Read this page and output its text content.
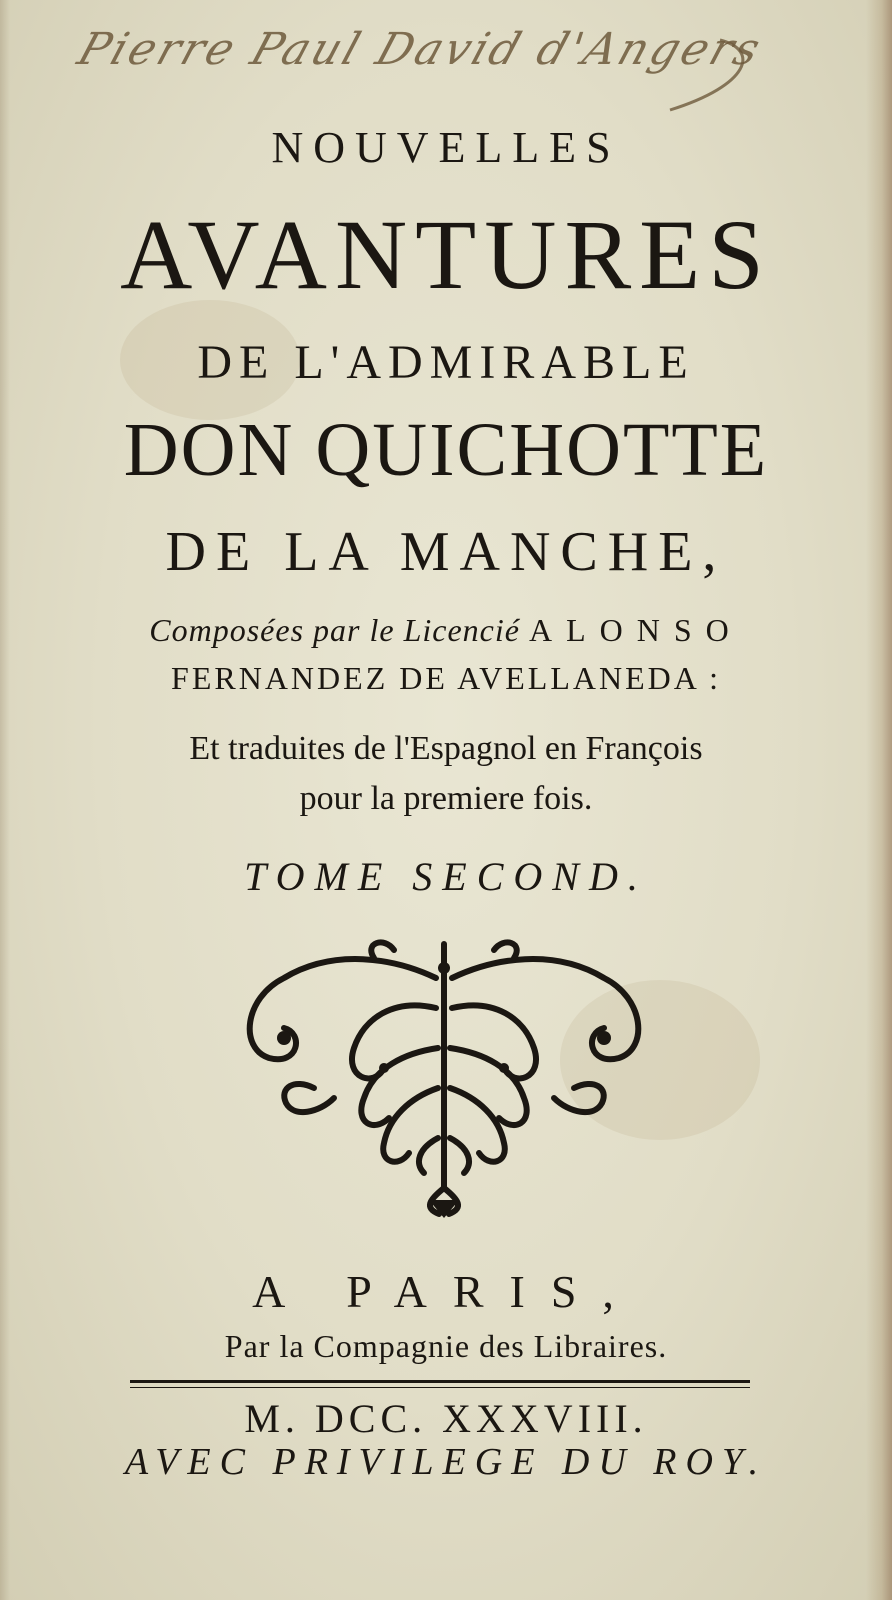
Pierre Paul David d'Angers
NOUVELLES
AVANTURES
DE L'ADMIRABLE
DON QUICHOTTE
DE LA MANCHE,
Composées par le Licencié ALONSO
FERNANDEZ DE AVELLANEDA :
Et traduites de l'Espagnol en François
pour la premiere fois.
TOME SECOND.
A PARIS,
Par la Compagnie des Libraires.
M. DCC. XXXVIII.
AVEC PRIVILEGE DU ROY.
